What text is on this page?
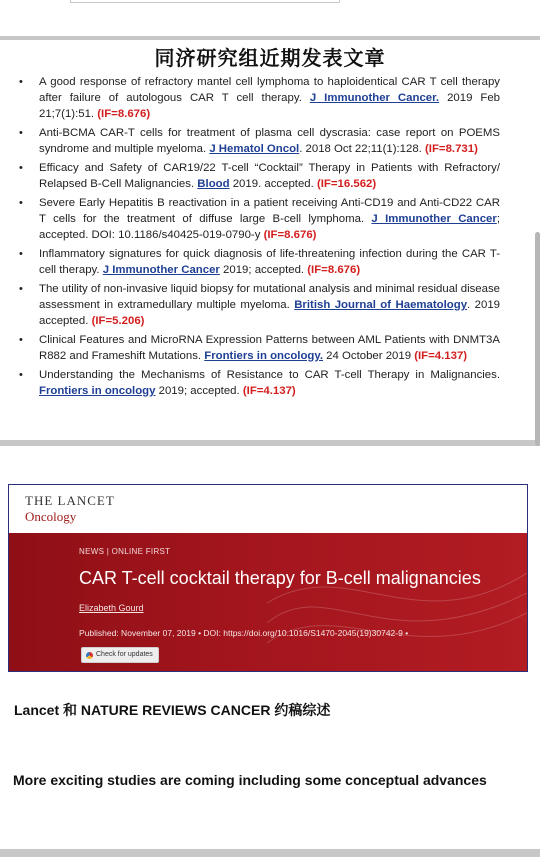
同济研究组近期发表文章
• A good response of refractory mantel cell lymphoma to haploidentical CAR T cell therapy after failure of autologous CAR T cell therapy. J Immunother Cancer. 2019 Feb 21;7(1):51. (IF=8.676)
• Anti-BCMA CAR-T cells for treatment of plasma cell dyscrasia: case report on POEMS syndrome and multiple myeloma. J Hematol Oncol. 2018 Oct 22;11(1):128. (IF=8.731)
• Efficacy and Safety of CAR19/22 T-cell “Cocktail” Therapy in Patients with Refractory/ Relapsed B-Cell Malignancies. Blood 2019. accepted. (IF=16.562)
• Severe Early Hepatitis B reactivation in a patient receiving Anti-CD19 and Anti-CD22 CAR T cells for the treatment of diffuse large B-cell lymphoma. J Immunother Cancer; accepted. DOI: 10.1186/s40425-019-0790-y (IF=8.676)
• Inflammatory signatures for quick diagnosis of life-threatening infection during the CAR T-cell therapy. J Immunother Cancer 2019; accepted. (IF=8.676)
• The utility of non-invasive liquid biopsy for mutational analysis and minimal residual disease assessment in extramedullary multiple myeloma. British Journal of Haematology. 2019 accepted. (IF=5.206)
• Clinical Features and MicroRNA Expression Patterns between AML Patients with DNMT3A R882 and Frameshift Mutations. Frontiers in oncology. 24 October 2019 (IF=4.137)
• Understanding the Mechanisms of Resistance to CAR T-cell Therapy in Malignancies. Frontiers in oncology 2019; accepted. (IF=4.137)
THE LANCET
Oncology
NEWS | ONLINE FIRST
CAR T-cell cocktail therapy for B-cell malignancies
Elizabeth Gourd
Published: November 07, 2019 • DOI: https://doi.org/10.1016/S1470-2045(19)30742-9 •
Check for updates
Lancet 和 NATURE REVIEWS CANCER 约稿综述
More exciting studies are coming including some conceptual advances
